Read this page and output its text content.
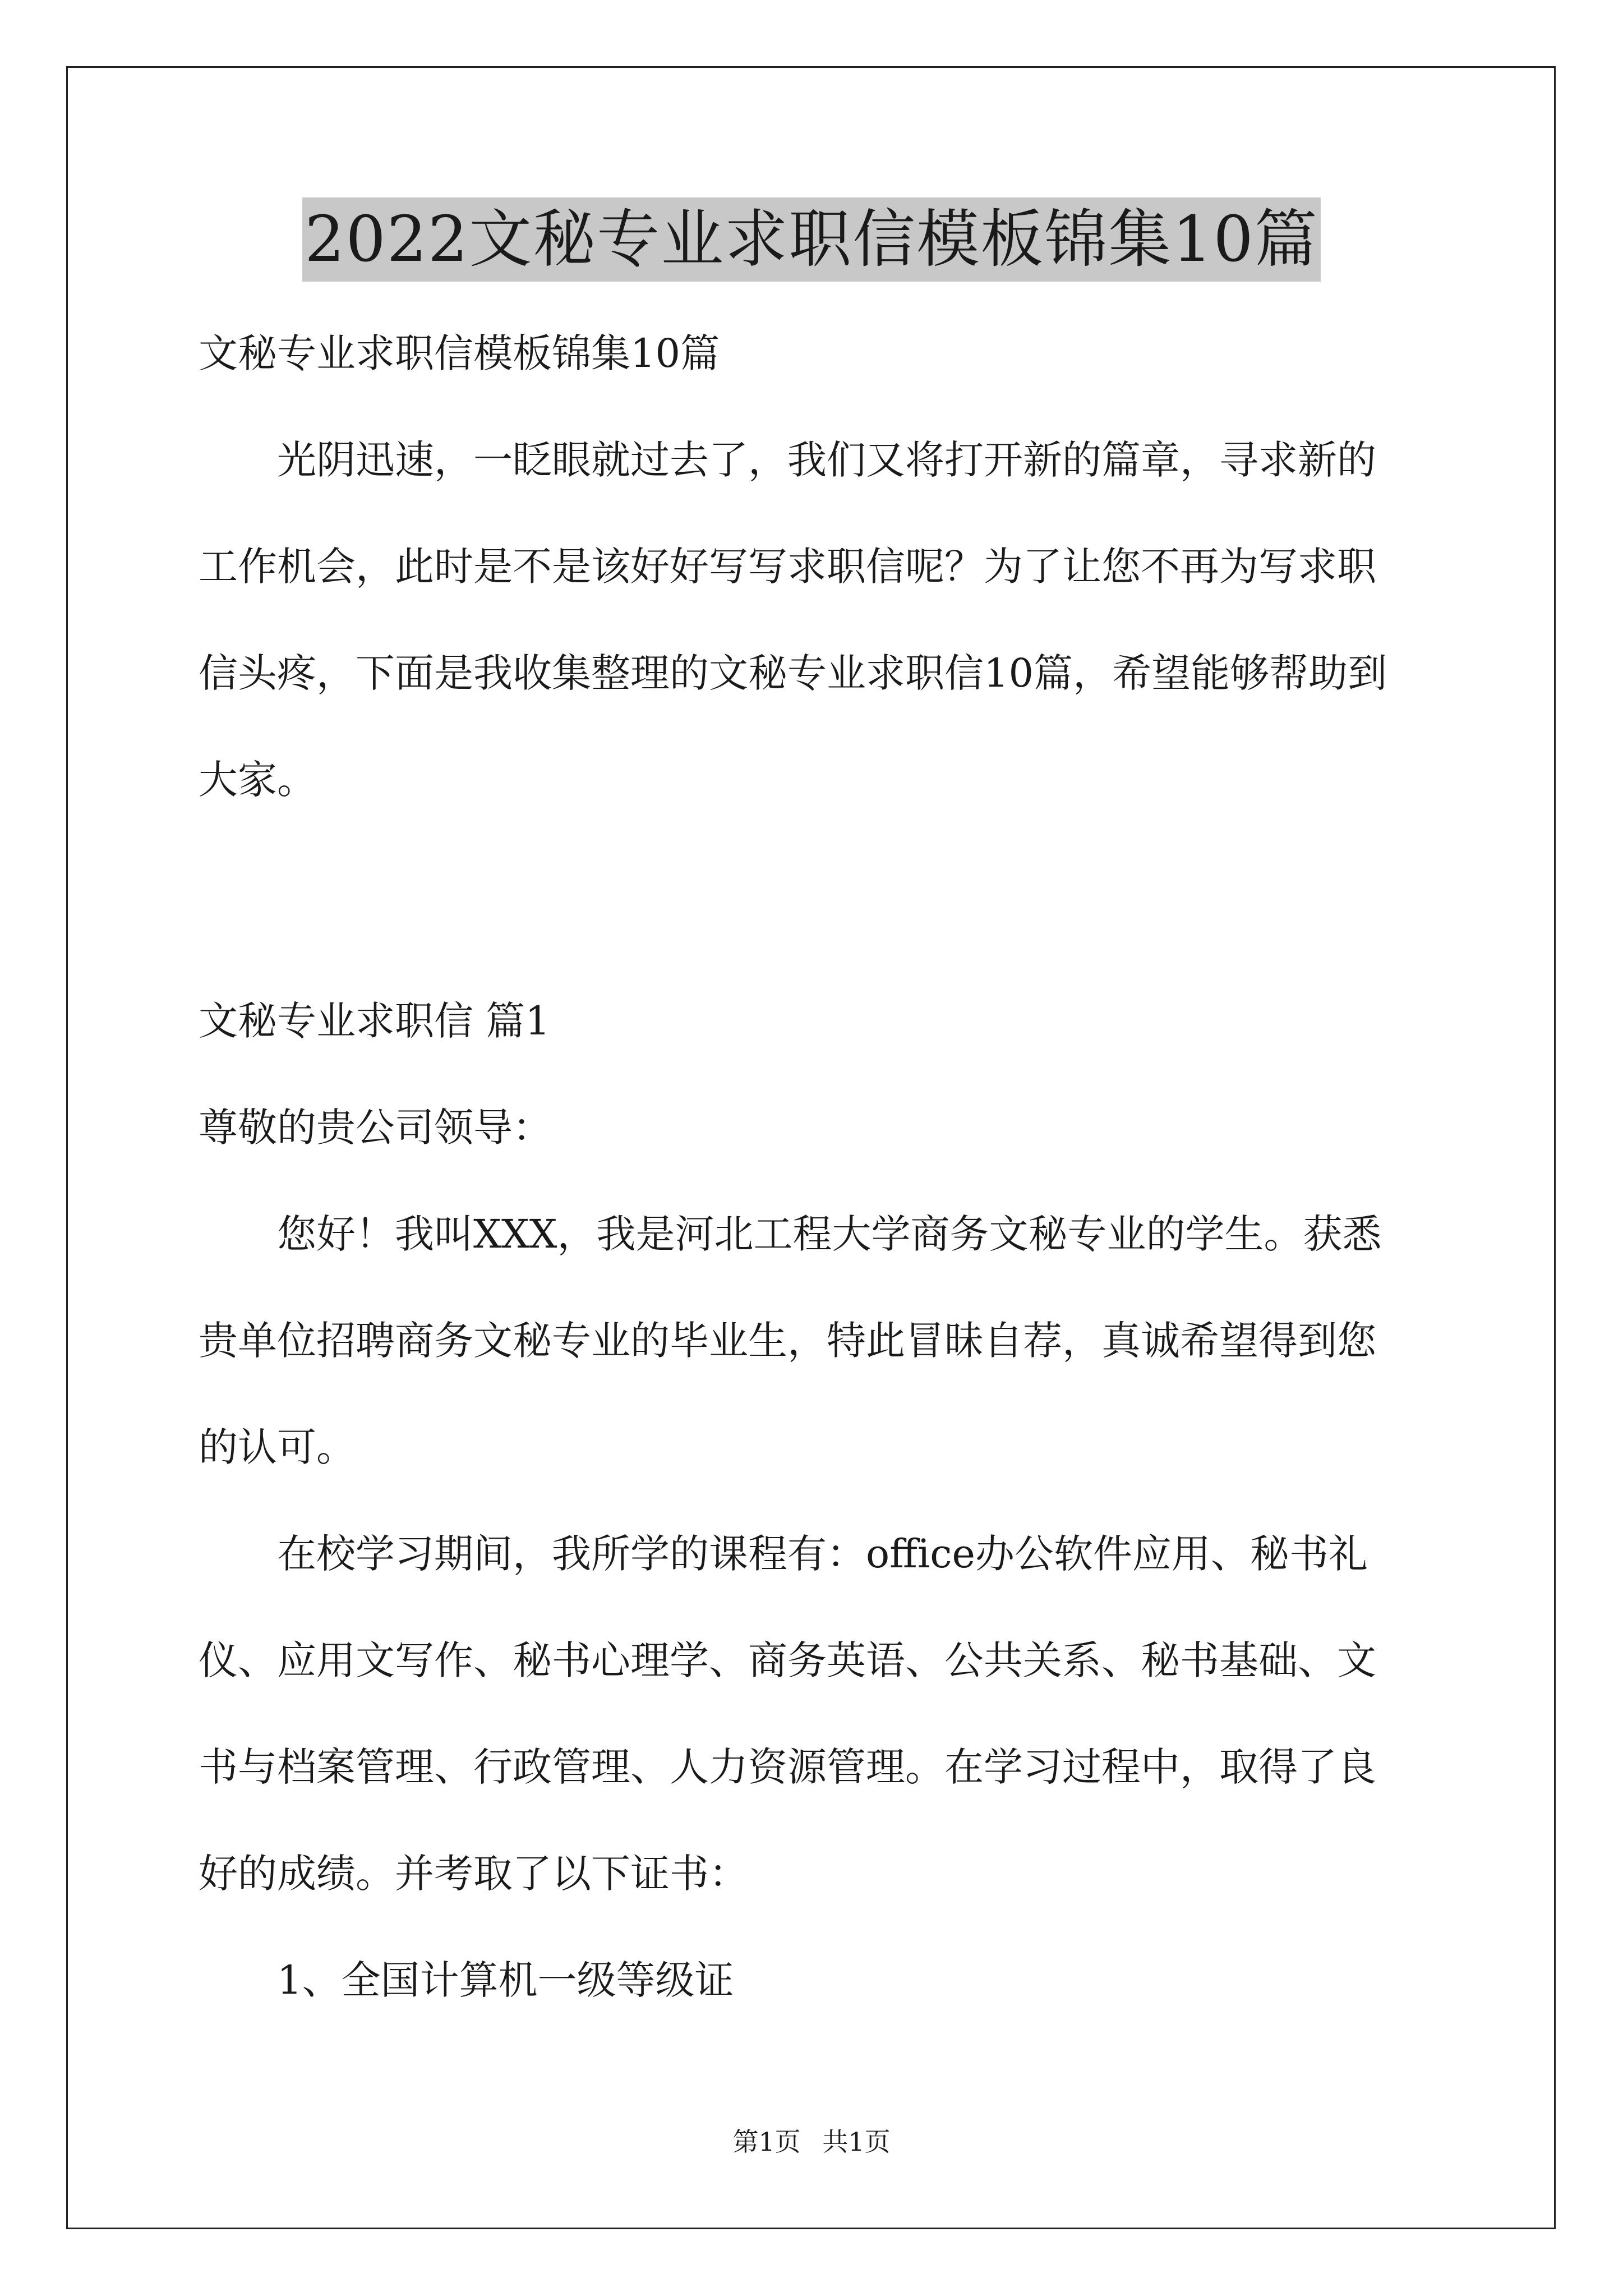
2022文秘专业求职信模板锦集10篇
文秘专业求职信模板锦集10篇
光阴迅速，一眨眼就过去了，我们又将打开新的篇章，寻求新的
工作机会，此时是不是该好好写写求职信呢？为了让您不再为写求职
信头疼，下面是我收集整理的文秘专业求职信10篇，希望能够帮助到
大家。
文秘专业求职信 篇1
尊敬的贵公司领导：
您好！我叫XXX，我是河北工程大学商务文秘专业的学生。获悉
贵单位招聘商务文秘专业的毕业生，特此冒昧自荐，真诚希望得到您
的认可。
在校学习期间，我所学的课程有：office办公软件应用、秘书礼
仪、应用文写作、秘书心理学、商务英语、公共关系、秘书基础、文
书与档案管理、行政管理、人力资源管理。在学习过程中，取得了良
好的成绩。并考取了以下证书：
1、全国计算机一级等级证
第1页 共1页
